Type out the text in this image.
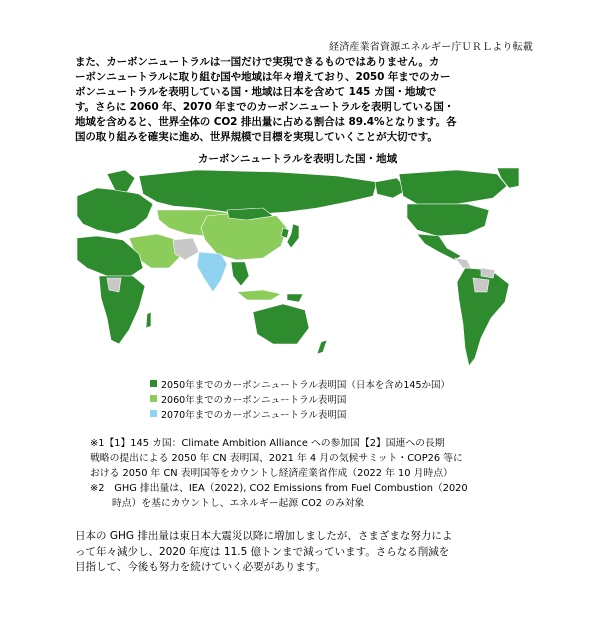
経済産業省資源エネルギー庁ＵＲＬより転載
また、カーボンニュートラルは一国だけで実現できるものではありません。カ
ーボンニュートラルに取り組む国や地域は年々増えており、2050 年までのカー
ボンニュートラルを表明している国・地域は日本を含めて 145 カ国・地域で
す。さらに 2060 年、2070 年までのカーボンニュートラルを表明している国・
地域を含めると、世界全体の CO2 排出量に占める割合は 89.4%となります。各
国の取り組みを確実に進め、世界規模で目標を実現していくことが大切です。
カーボンニュートラルを表明した国・地域
2050年までのカーボンニュートラル表明国（日本を含め145か国）
2060年までのカーボンニュートラル表明国
2070年までのカーボンニュートラル表明国
※1【1】145 カ国：Climate Ambition Alliance への参加国【2】国連への長期
戦略の提出による 2050 年 CN 表明国、2021 年 4 月の気候サミット・COP26 等に
おける 2050 年 CN 表明国等をカウントし経済産業省作成（2022 年 10 月時点）
※2　GHG 排出量は、IEA（2022), CO2 Emissions from Fuel Combustion（2020
時点）を基にカウントし、エネルギー起源 CO2 のみ対象
日本の GHG 排出量は東日本大震災以降に増加しましたが、さまざまな努力によ
って年々減少し、2020 年度は 11.5 億トンまで減っています。さらなる削減を
目指して、今後も努力を続けていく必要があります。
